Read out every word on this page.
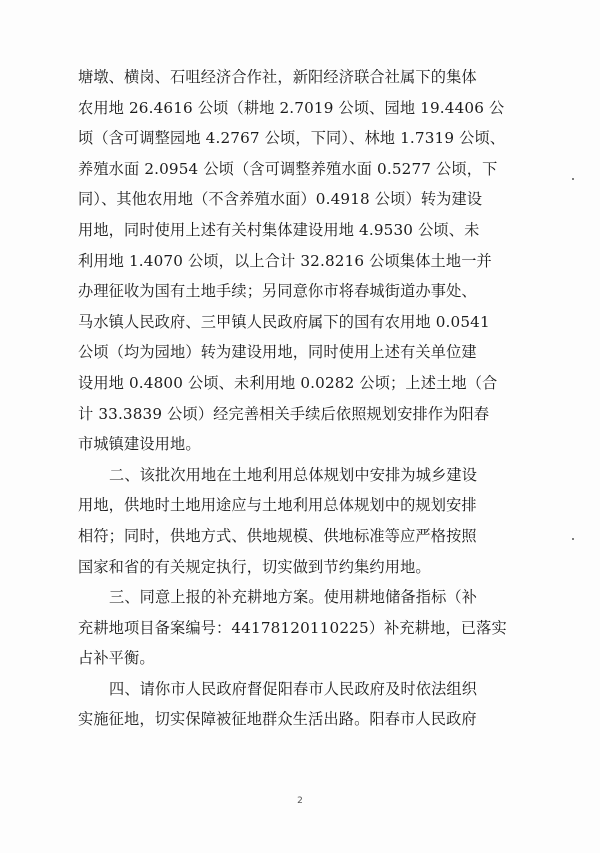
塘墩、横岗、石咀经济合作社，新阳经济联合社属下的集体
农用地 26.4616 公顷（耕地 2.7019 公顷、园地 19.4406 公
顷（含可调整园地 4.2767 公顷，下同）、林地 1.7319 公顷、
养殖水面 2.0954 公顷（含可调整养殖水面 0.5277 公顷，下
同）、其他农用地（不含养殖水面）0.4918 公顷）转为建设
用地，同时使用上述有关村集体建设用地 4.9530 公顷、未
利用地 1.4070 公顷，以上合计 32.8216 公顷集体土地一并
办理征收为国有土地手续；另同意你市将春城街道办事处、
马水镇人民政府、三甲镇人民政府属下的国有农用地 0.0541
公顷（均为园地）转为建设用地，同时使用上述有关单位建
设用地 0.4800 公顷、未利用地 0.0282 公顷；上述土地（合
计 33.3839 公顷）经完善相关手续后依照规划安排作为阳春
市城镇建设用地。
二、该批次用地在土地利用总体规划中安排为城乡建设
用地，供地时土地用途应与土地利用总体规划中的规划安排
相符；同时，供地方式、供地规模、供地标准等应严格按照
国家和省的有关规定执行，切实做到节约集约用地。
三、同意上报的补充耕地方案。使用耕地储备指标（补
充耕地项目备案编号：44178120110225）补充耕地，已落实
占补平衡。
四、请你市人民政府督促阳春市人民政府及时依法组织
实施征地，切实保障被征地群众生活出路。阳春市人民政府
2
